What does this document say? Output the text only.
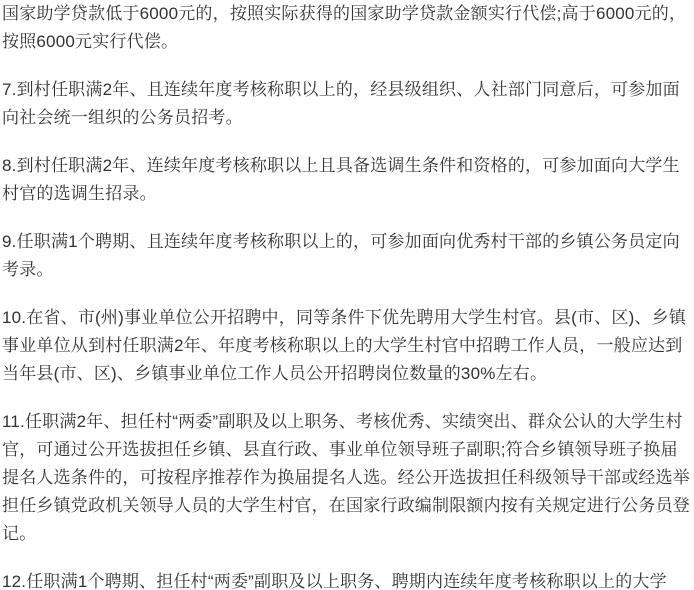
国家助学贷款低于6000元的，按照实际获得的国家助学贷款金额实行代偿;高于6000元的，按照6000元实行代偿。

7.到村任职满2年、且连续年度考核称职以上的，经县级组织、人社部门同意后，可参加面向社会统一组织的公务员招考。

8.到村任职满2年、连续年度考核称职以上且具备选调生条件和资格的，可参加面向大学生村官的选调生招录。

9.任职满1个聘期、且连续年度考核称职以上的，可参加面向优秀村干部的乡镇公务员定向考录。

10.在省、市(州)事业单位公开招聘中，同等条件下优先聘用大学生村官。县(市、区)、乡镇事业单位从到村任职满2年、年度考核称职以上的大学生村官中招聘工作人员，一般应达到当年县(市、区)、乡镇事业单位工作人员公开招聘岗位数量的30%左右。

11.任职满2年、担任村“两委”副职及以上职务、考核优秀、实绩突出、群众公认的大学生村官，可通过公开选拔担任乡镇、县直行政、事业单位领导班子副职;符合乡镇领导班子换届提名人选条件的，可按程序推荐作为换届提名人选。经公开选拔担任科级领导干部或经选举担任乡镇党政机关领导人员的大学生村官，在国家行政编制限额内按有关规定进行公务员登记。

12.任职满1个聘期、担任村“两委”副职及以上职务、聘期内连续年度考核称职以上的大学
